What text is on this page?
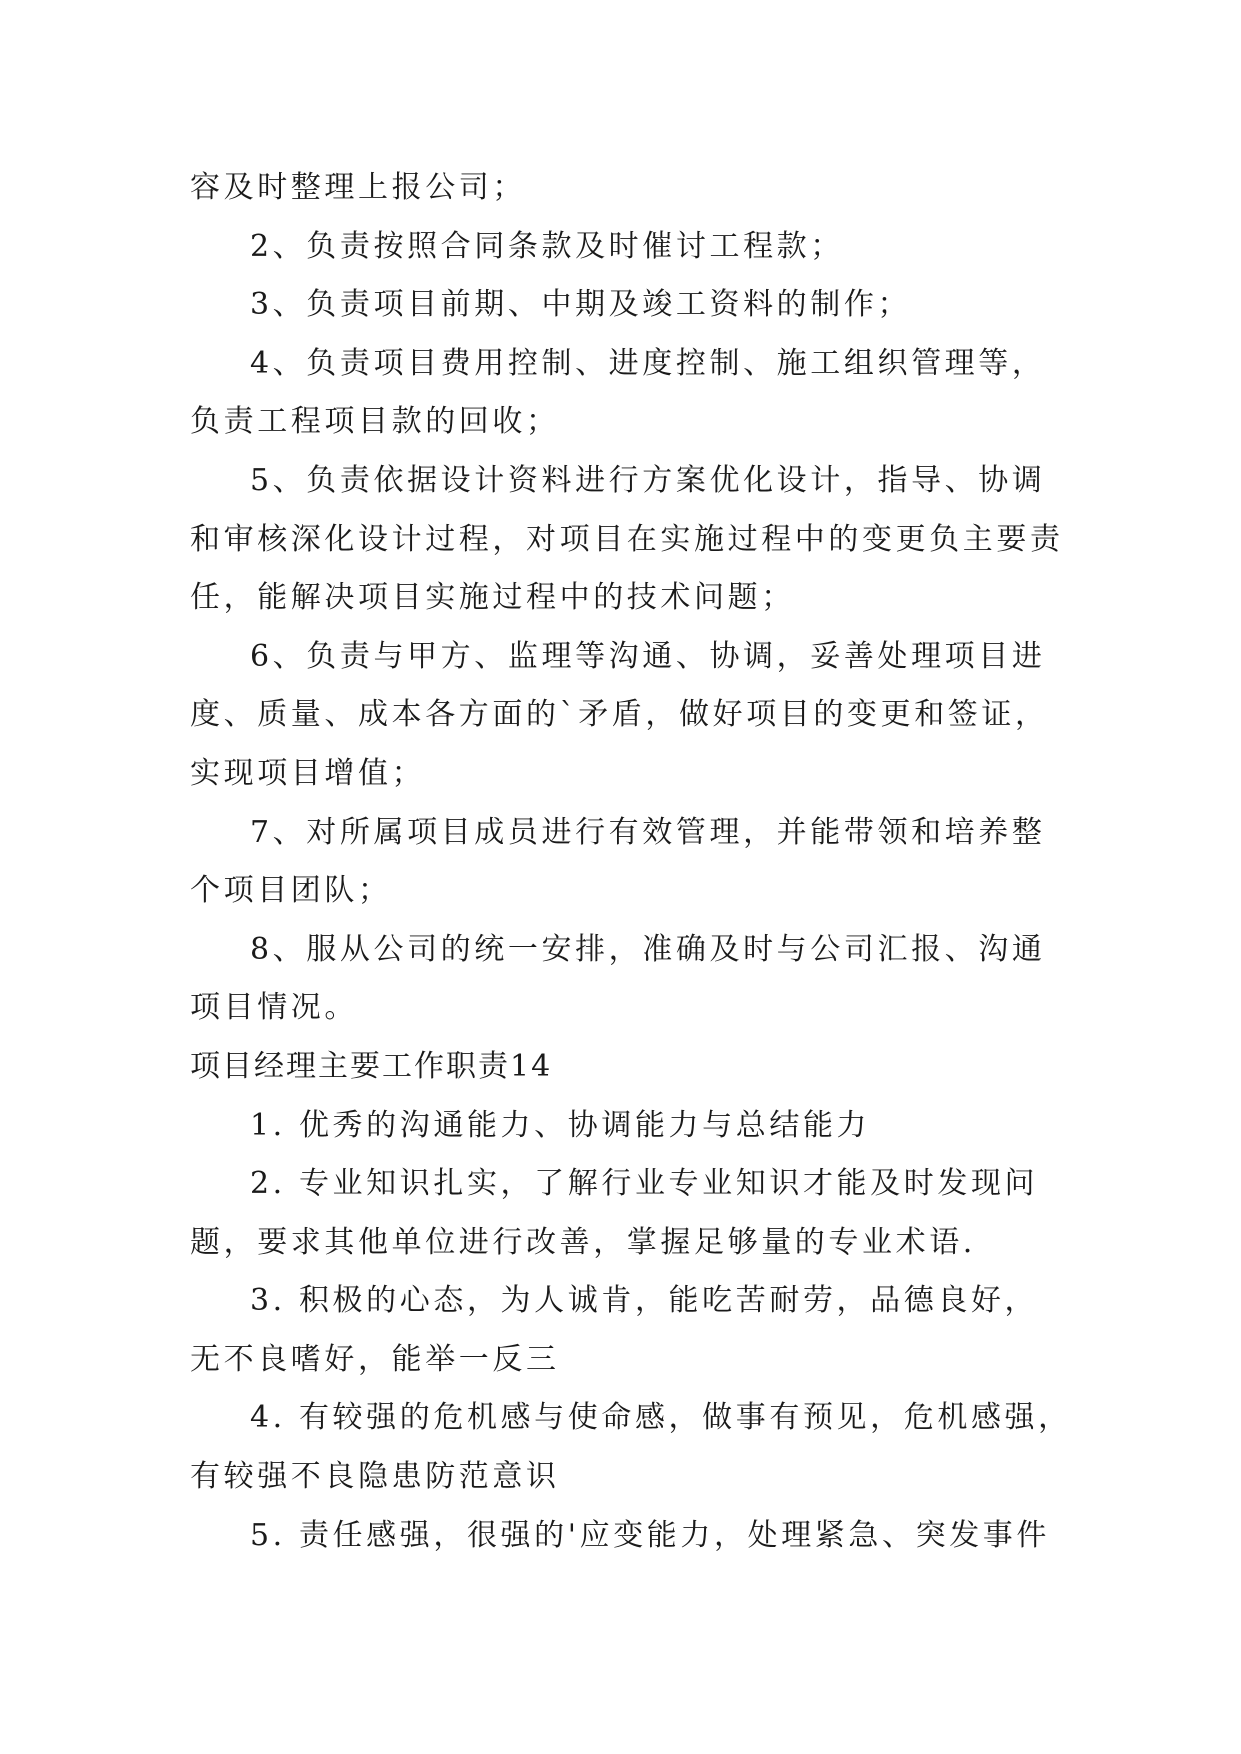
容及时整理上报公司；
2、负责按照合同条款及时催讨工程款；
3、负责项目前期、中期及竣工资料的制作；
4、负责项目费用控制、进度控制、施工组织管理等，
负责工程项目款的回收；
5、负责依据设计资料进行方案优化设计，指导、协调
和审核深化设计过程，对项目在实施过程中的变更负主要责
任，能解决项目实施过程中的技术问题；
6、负责与甲方、监理等沟通、协调，妥善处理项目进
度、质量、成本各方面的`矛盾，做好项目的变更和签证，
实现项目增值；
7、对所属项目成员进行有效管理，并能带领和培养整
个项目团队；
8、服从公司的统一安排，准确及时与公司汇报、沟通
项目情况。
项目经理主要工作职责14
1. 优秀的沟通能力、协调能力与总结能力
2. 专业知识扎实，了解行业专业知识才能及时发现问
题，要求其他单位进行改善，掌握足够量的专业术语.
3. 积极的心态，为人诚肯，能吃苦耐劳，品德良好，
无不良嗜好，能举一反三
4. 有较强的危机感与使命感，做事有预见，危机感强，
有较强不良隐患防范意识
5. 责任感强，很强的'应变能力，处理紧急、突发事件
